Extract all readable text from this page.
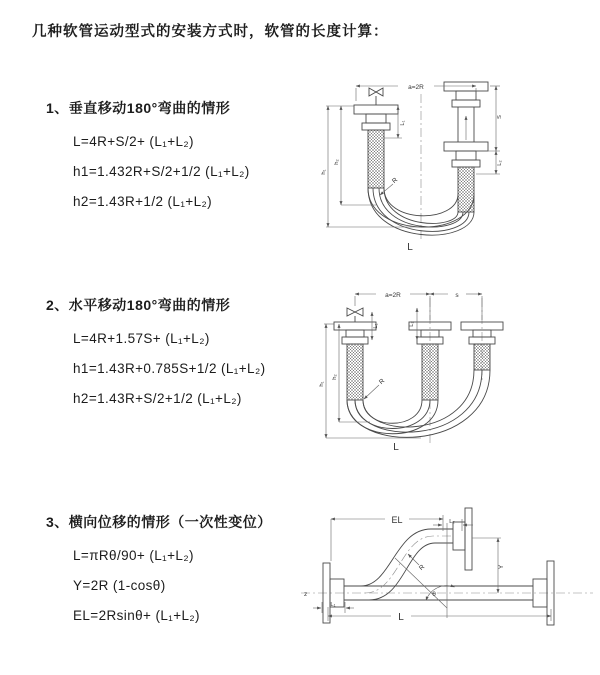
几种软管运动型式的安装方式时，软管的长度计算：
1、垂直移动180°弯曲的情形
L=4R+S/2+ (L₁+L₂)
h1=1.432R+S/2+1/2 (L₁+L₂)
h2=1.43R+1/2 (L₁+L₂)
2、水平移动180°弯曲的情形
L=4R+1.57S+ (L₁+L₂)
h1=1.43R+0.785S+1/2 (L₁+L₂)
h2=1.43R+S/2+1/2 (L₁+L₂)
3、横向位移的情形（一次性变位）
L=πRθ/90+ (L₁+L₂)
Y=2R (1-cosθ)
EL=2Rsinθ+ (L₁+L₂)
a=2R
h₁
h₂
L₁
S
L₂
R
L
a=2R	s
h₁
h₂
L₁	L₂
R
L
z
EL	L₂
Y
θ
R
L
L₁
